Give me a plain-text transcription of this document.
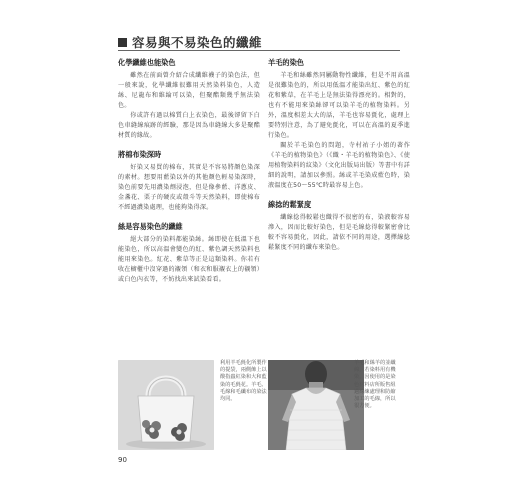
容易與不易染色的纖維
化學纖維也能染色

雖然在前面曾介紹合成纖維襪子的染色法，但一般來說，化學纖維很難用天然染料染色，人造絲、尼龍布和維綸可以染，但聚酯類幾乎無法染色。

你或許有過以棉質白上衣染色，最後卻留下白色車縫線痕跡的經驗，那是因為車縫線大多是聚酯材質的緣故。

將棉布染深時

好染又易買的棉布，其實是不容易將顏色染深的素材。想要用藍染以外的其他顏色輕易染深時，染色前要先用濃染劑浸泡，但是像參藍、洋蔥皮、金盞花、栗子的硬皮或殼斗等天然染料，即使棉布不經過濃染處理，也能夠染得深。

絲是容易染色的纖維

絕大部分的染料都能染絲。絲即使在低溫下也能染色，所以高溫會變色的紅、紫色調天然染料也能用來染色。紅花、紫草等正是這類染料。你若有收在櫥櫃中沒穿過的襯領（和衣和服襯衣上的襯領）或白色內衣等，不妨找出來試染看看。

羊毛的染色

羊毛和絲雖然同屬動物性纖維，但是不用高溫是很難染色的，所以用低溫才能染出紅、紫色的紅花和紫草，在羊毛上是無法染得漂亮的。相對的，也有不能用來染絲卻可以染羊毛的植物染料。另外，溫度相差太大的話，羊毛也容易氈化，處理上要特別注意，為了避免氈化，可以在高溫的夏季進行染色。

關於羊毛染色的問題，寺村祐子小姐的著作《羊毛的植物染色》（《織・羊毛的植物染色》、《使用植物染料的紋染》（文化出版局出版）等書中有詳細的說明，請加以參照。絲或羊毛染成藍色時，染液溫度在50～55℃時最容易上色。

線捻的鬆緊度

纖線捻得較鬆也織得不很密的布，染液較容易滲入，因而比較好染色，但是毛線捻得較緊密會比較不容易氈化，因此，請依不同的用途，選擇線捻鬆緊度不同的纖布來染色。

利用羊毛氈化所製作的提袋，兩側飾上以酸指蟲紅染和大和藍染的毛氈花。羊毛、毛線和毛纖布的染法均同。
羊毛和絲羊的並纖線，若染料用有機染，因使用的是染色材料店所販售組過線練處理和防縮加工的毛線，所以很方便。
90
